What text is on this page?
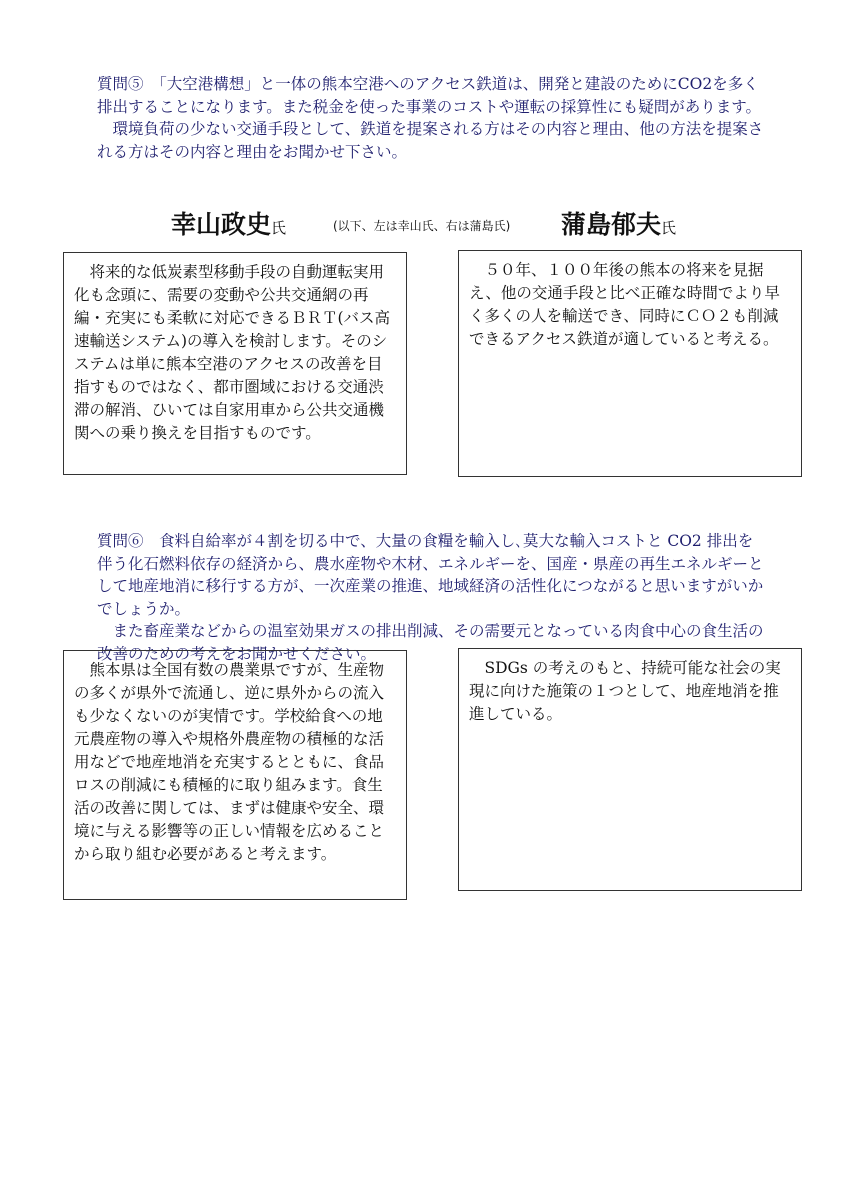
質問⑤　「大空港構想」と一体の熊本空港へのアクセス鉄道は、開発と建設のためにCO2を多く排出することになります。また税金を使った事業のコストや運転の採算性にも疑問があります。

環境負荷の少ない交通手段として、鉄道を提案される方はその内容と理由、他の方法を提案される方はその内容と理由をお聞かせ下さい。

幸山政史氏	(以下、左は幸山氏、右は蒲島氏) 蒲島郁夫氏

将来的な低炭素型移動手段の自動運転実用化も念頭に、需要の変動や公共交通網の再編・充実にも柔軟に対応できるＢＲＴ(バス高速輸送システム)の導入を検討します。そのシステムは単に熊本空港のアクセスの改善を目指すものではなく、都市圏域における交通渋滞の解消、ひいては自家用車から公共交通機関への乗り換えを目指すものです。

５０年、１００年後の熊本の将来を見据え、他の交通手段と比べ正確な時間でより早く多くの人を輸送でき、同時にＣＯ２も削減できるアクセス鉄道が適していると考える。

質問⑥　食料自給率が４割を切る中で、大量の食糧を輸入し､莫大な輸入コストと CO2 排出を伴う化石燃料依存の経済から、農水産物や木材、エネルギーを、国産・県産の再生エネルギーとして地産地消に移行する方が、一次産業の推進、地域経済の活性化につながると思いますがいかでしょうか。

また畜産業などからの温室効果ガスの排出削減、その需要元となっている肉食中心の食生活の改善のための考えをお聞かせください。

熊本県は全国有数の農業県ですが、生産物の多くが県外で流通し、逆に県外からの流入も少なくないのが実情です。学校給食への地元農産物の導入や規格外農産物の積極的な活用などで地産地消を充実するとともに、食品ロスの削減にも積極的に取り組みます。食生活の改善に関しては、まずは健康や安全、環境に与える影響等の正しい情報を広めることから取り組む必要があると考えます。

SDGs の考えのもと、持続可能な社会の実現に向けた施策の１つとして、地産地消を推進している。
